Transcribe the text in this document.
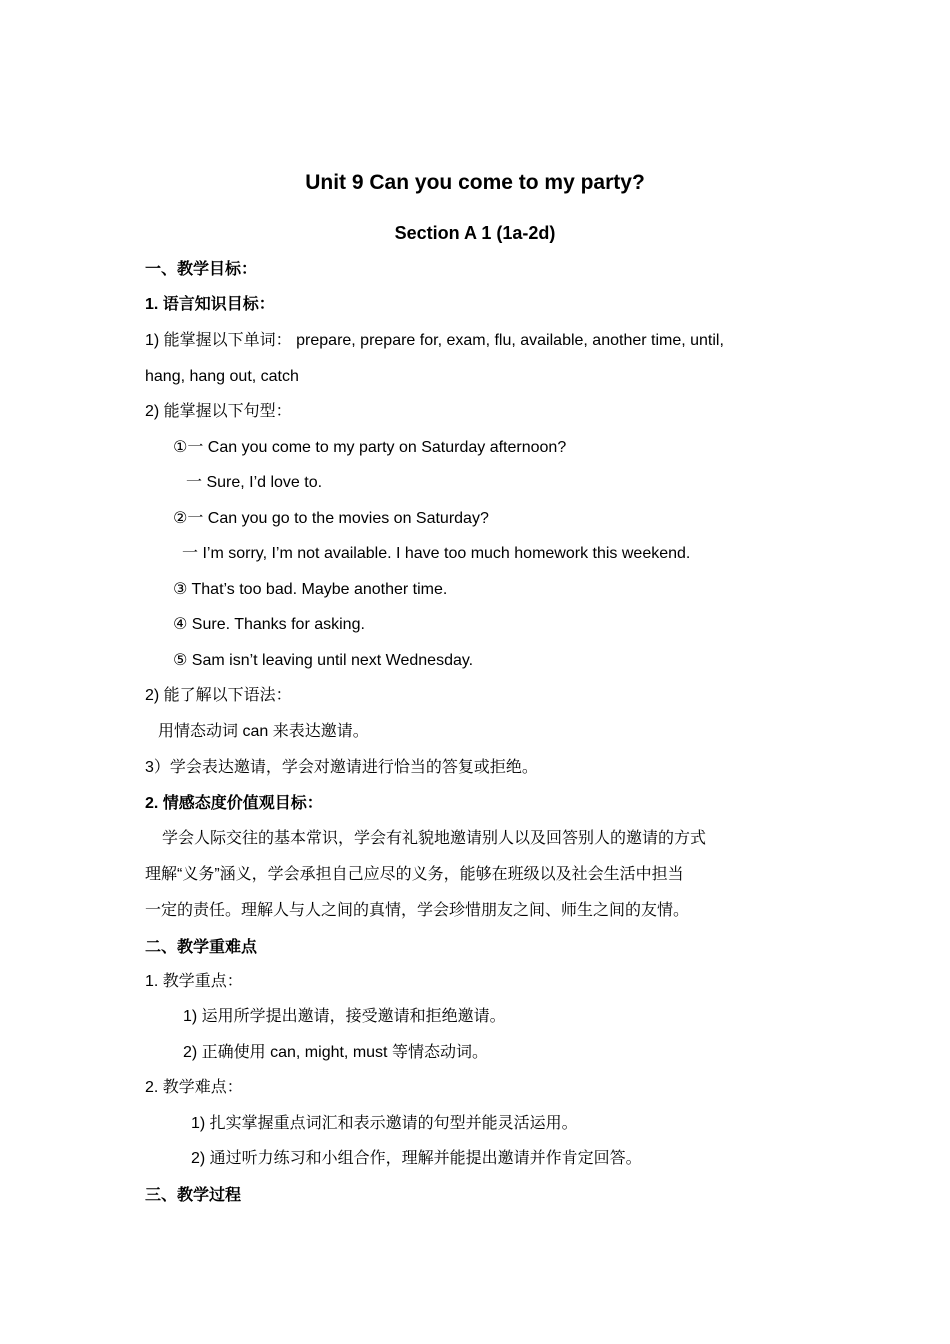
Unit 9 Can you come to my party?
Section A 1 (1a-2d)
一、教学目标：
1. 语言知识目标：
1) 能掌握以下单词： prepare, prepare for, exam, flu, available, another time, until,
hang, hang out, catch
2) 能掌握以下句型：
①一 Can you come to my party on Saturday afternoon?
一 Sure, I’d love to.
②一 Can you go to the movies on Saturday?
一 I’m sorry, I’m not available. I have too much homework this weekend.
③ That’s too bad. Maybe another time.
④ Sure. Thanks for asking.
⑤ Sam isn’t leaving until next Wednesday.
2) 能了解以下语法：
用情态动词 can 来表达邀请。
3）学会表达邀请，学会对邀请进行恰当的答复或拒绝。
2. 情感态度价值观目标：
学会人际交往的基本常识，学会有礼貌地邀请别人以及回答别人的邀请的方式
理解“义务”涵义，学会承担自己应尽的义务，能够在班级以及社会生活中担当
一定的责任。理解人与人之间的真情，学会珍惜朋友之间、师生之间的友情。
二、教学重难点
1. 教学重点：
1) 运用所学提出邀请，接受邀请和拒绝邀请。
2) 正确使用 can, might, must 等情态动词。
2. 教学难点：
1) 扎实掌握重点词汇和表示邀请的句型并能灵活运用。
2) 通过听力练习和小组合作，理解并能提出邀请并作肯定回答。
三、教学过程
